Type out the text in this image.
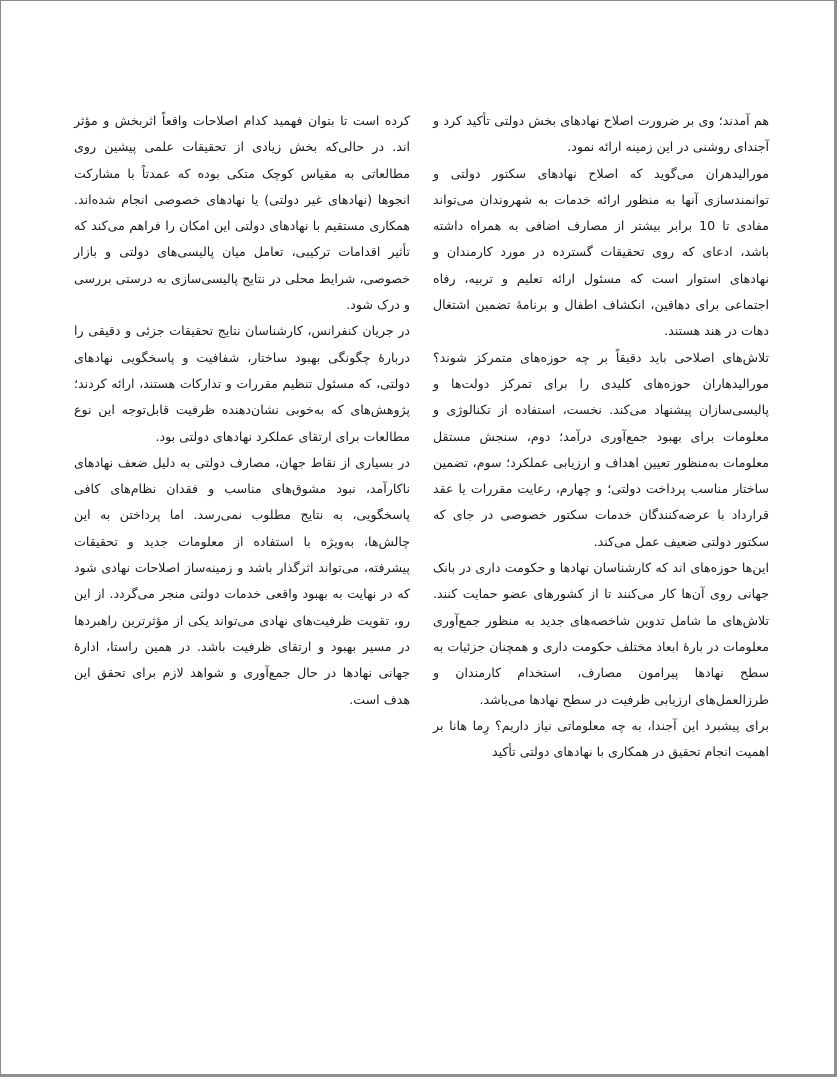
هم آمدند؛ وی بر ضرورت اصلاح نهادهای بخش دولتی تأکید کرد و آجندای روشنی در این زمینه ارائه نمود.

مورالیدهران می‌گوید که اصلاح نهادهای سکتور دولتی و توانمندسازی آنها به منظور ارائه خدمات به شهروندان می‌تواند مفادی تا 10 برابر بیشتر از مصارف اضافی به همراه داشته باشد، ادعای که روی تحقیقات گسترده در مورد کارمندان و نهادهای استوار است که مسئول ارائه تعلیم و تربیه، رفاه اجتماعی برای دهاقین، انکشاف اطفال و برنامهٔ تضمین اشتغال دهات در هند هستند.

تلاش‌های اصلاحی باید دقیقاً بر چه حوزه‌های متمرکز شوند؟ مورالیدهاران حوزه‌های کلیدی را برای تمرکز دولت‌ها و پالیسی‌سازان پیشنهاد می‌کند. نخست، استفاده از تکنالوژی و معلومات برای بهبود جمع‌آوری درآمد؛ دوم، سنجش مستقل معلومات به‌منظور تعیین اهداف و ارزیابی عملکرد؛ سوم، تضمین ساختار مناسب پرداخت دولتی؛ و چهارم، رعایت مقررات یا عقد قرارداد با عرضه‌کنندگان خدمات سکتور خصوصی در جای که سکتور دولتی ضعیف عمل می‌کند.

این‌ها حوزه‌های اند که کارشناسان نهادها و حکومت داری در بانک جهانی روی آن‌ها کار می‌کنند تا از کشورهای عضو حمایت کنند. تلاش‌های ما شامل تدوین شاخصه‌های جدید به منظور جمع‌آوری معلومات در بارهٔ ابعاد مختلف حکومت داری و همچنان جزئیات به سطح نهادها پیرامون مصارف، استخدام کارمندان و طرزالعمل‌های ارزیابی ظرفیت در سطح نهادها می‌باشد.

برای پیشبرد این آجندا، به چه معلوماتی نیاز داریم؟ رِما هانا بر اهمیت انجام تحقیق در همکاری با نهادهای دولتی تأکید

کرده است تا بتوان فهمید کدام اصلاحات واقعاً اثربخش و مؤثر اند. در حالی‌که بخش زیادی از تحقیقات علمی پیشین روی مطالعاتی به مقیاس کوچک متکی بوده که عمدتاً با مشارکت انجوها (نهادهای غیر دولتی) یا نهادهای خصوصی انجام شده‌اند. همکاری مستقیم با نهادهای دولتی این امکان را فراهم می‌کند که تأثیر اقدامات ترکیبی، تعامل میان پالیسی‌های دولتی و بازار خصوصی، شرایط محلی در نتایج پالیسی‌سازی به درستی بررسی و درک شود.

در جریان کنفرانس، کارشناسان نتایج تحقیقات جزئی و دقیقی را دربارهٔ چگونگی بهبود ساختار، شفافیت و پاسخگویی نهادهای دولتی، که مسئول تنظیم مقررات و تدارکات هستند، ارائه کردند؛ پژوهش‌های که به‌خوبی نشان‌دهنده ظرفیت قابل‌توجه این نوع مطالعات برای ارتقای عملکرد نهادهای دولتی بود.

در بسیاری از نقاط جهان، مصارف دولتی به دلیل ضعف نهادهای ناکارآمد، نبود مشوق‌های مناسب و فقدان نظام‌های کافی پاسخگویی، به نتایج مطلوب نمی‌رسد. اما پرداختن به این چالش‌ها، به‌ویژه با استفاده از معلومات جدید و تحقیقات پیشرفته، می‌تواند اثرگذار باشد و زمینه‌ساز اصلاحات نهادی شود که در نهایت به بهبود واقعی خدمات دولتی منجر می‌گردد. از این رو، تقویت ظرفیت‌های نهادی می‌تواند یکی از مؤثرترین راهبردها در مسیر بهبود و ارتقای ظرفیت باشد. در همین راستا، ادارهٔ جهانی نهادها در حال جمع‌آوری و شواهد لازم برای تحقق این هدف است.
